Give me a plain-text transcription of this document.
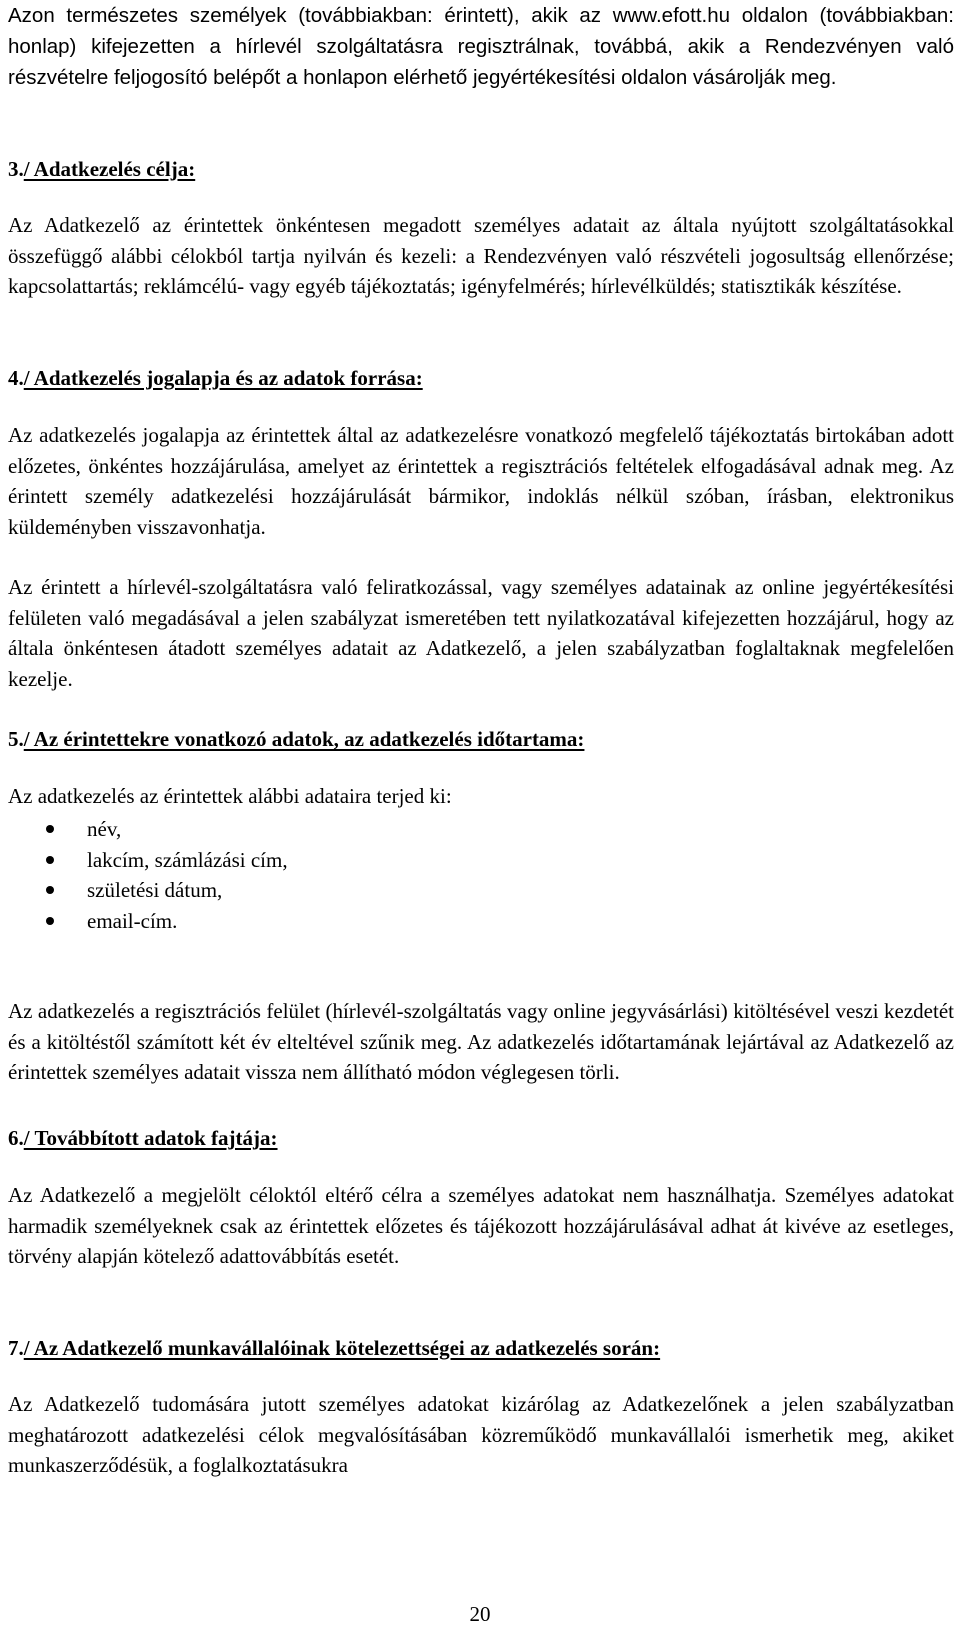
Azon természetes személyek (továbbiakban: érintett), akik az www.efott.hu oldalon (továbbiakban: honlap) kifejezetten a hírlevél szolgáltatásra regisztrálnak, továbbá, akik a Rendezvényen való részvételre feljogosító belépőt a honlapon elérhető jegyértékesítési oldalon vásárolják meg.

3./ Adatkezelés célja:

Az Adatkezelő az érintettek önkéntesen megadott személyes adatait az általa nyújtott szolgáltatásokkal összefüggő alábbi célokból tartja nyilván és kezeli: a Rendezvényen való részvételi jogosultság ellenőrzése; kapcsolattartás; reklámcélú- vagy egyéb tájékoztatás; igényfelmérés; hírlevélküldés; statisztikák készítése.

4./ Adatkezelés jogalapja és az adatok forrása:

Az adatkezelés jogalapja az érintettek által az adatkezelésre vonatkozó megfelelő tájékoztatás birtokában adott előzetes, önkéntes hozzájárulása, amelyet az érintettek a regisztrációs feltételek elfogadásával adnak meg. Az érintett személy adatkezelési hozzájárulását bármikor, indoklás nélkül szóban, írásban, elektronikus küldeményben visszavonhatja.

Az érintett a hírlevél-szolgáltatásra való feliratkozással, vagy személyes adatainak az online jegyértékesítési felületen való megadásával a jelen szabályzat ismeretében tett nyilatkozatával kifejezetten hozzájárul, hogy az általa önkéntesen átadott személyes adatait az Adatkezelő, a jelen szabályzatban foglaltaknak megfelelően kezelje.

5./ Az érintettekre vonatkozó adatok, az adatkezelés időtartama:

Az adatkezelés az érintettek alábbi adataira terjed ki:

név,
lakcím, számlázási cím,
születési dátum,
email-cím.

Az adatkezelés a regisztrációs felület (hírlevél-szolgáltatás vagy online jegyvásárlási) kitöltésével veszi kezdetét és a kitöltéstől számított két év elteltével szűnik meg. Az adatkezelés időtartamának lejártával az Adatkezelő az érintettek személyes adatait vissza nem állítható módon véglegesen törli.

6./ Továbbított adatok fajtája:

Az Adatkezelő a megjelölt céloktól eltérő célra a személyes adatokat nem használhatja. Személyes adatokat harmadik személyeknek csak az érintettek előzetes és tájékozott hozzájárulásával adhat át kivéve az esetleges, törvény alapján kötelező adattovábbítás esetét.

7./ Az Adatkezelő munkavállalóinak kötelezettségei az adatkezelés során:

Az Adatkezelő tudomására jutott személyes adatokat kizárólag az Adatkezelőnek a jelen szabályzatban meghatározott adatkezelési célok megvalósításában közreműködő munkavállalói ismerhetik meg, akiket munkaszerződésük, a foglalkoztatásukra

20
